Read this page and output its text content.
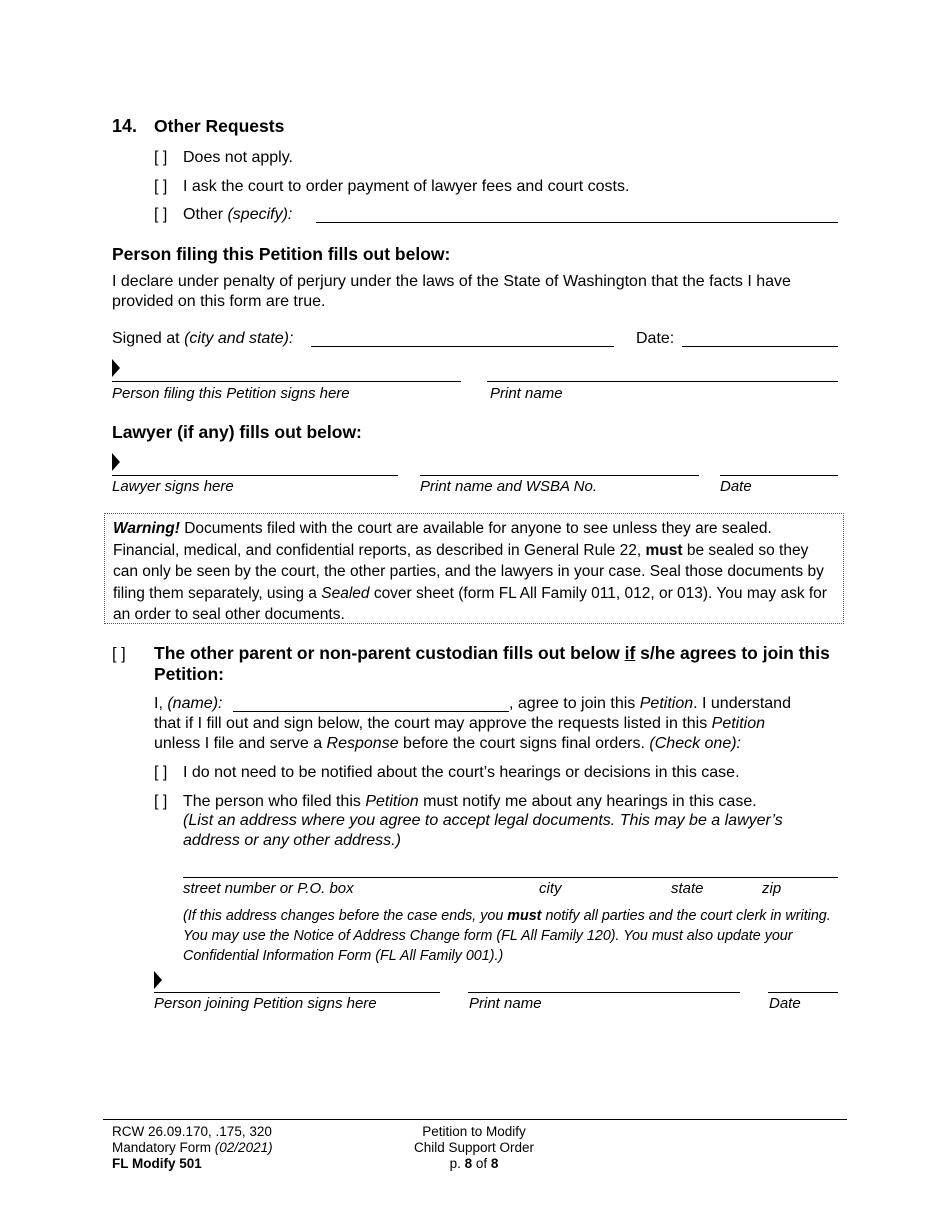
14. Other Requests
[ ] Does not apply.
[ ] I ask the court to order payment of lawyer fees and court costs.
[ ] Other (specify):
Person filing this Petition fills out below:
I declare under penalty of perjury under the laws of the State of Washington that the facts I have provided on this form are true.
Signed at (city and state):	Date:
Person filing this Petition signs here	Print name
Lawyer (if any) fills out below:
Lawyer signs here	Print name and WSBA No.	Date

Warning! Documents filed with the court are available for anyone to see unless they are sealed. Financial, medical, and confidential reports, as described in General Rule 22, must be sealed so they can only be seen by the court, the other parties, and the lawyers in your case. Seal those documents by filing them separately, using a Sealed cover sheet (form FL All Family 011, 012, or 013). You may ask for an order to seal other documents.

[ ] The other parent or non-parent custodian fills out below if s/he agrees to join this Petition:
I, (name):	, agree to join this Petition. I understand
that if I fill out and sign below, the court may approve the requests listed in this Petition
unless I file and serve a Response before the court signs final orders. (Check one):
[ ] I do not need to be notified about the court’s hearings or decisions in this case.
[ ] The person who filed this Petition must notify me about any hearings in this case.
(List an address where you agree to accept legal documents. This may be a lawyer’s
address or any other address.)
street number or P.O. box	city	state	zip
(If this address changes before the case ends, you must notify all parties and the court clerk in writing.
You may use the Notice of Address Change form (FL All Family 120). You must also update your
Confidential Information Form (FL All Family 001).)
Person joining Petition signs here	Print name	Date
RCW 26.09.170, .175, 320
Mandatory Form (02/2021)
FL Modify 501
Petition to Modify
Child Support Order
p. 8 of 8
